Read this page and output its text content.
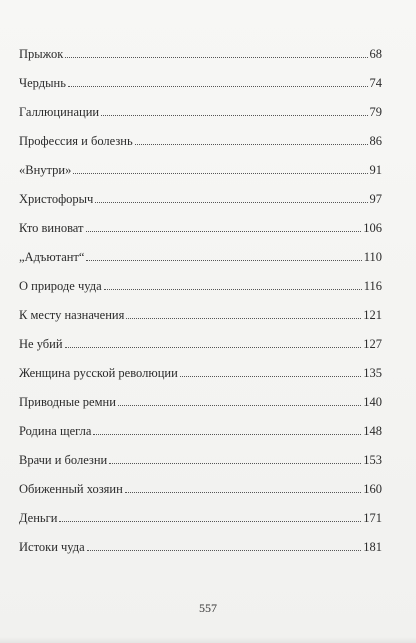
Прыжок	68
Чердынь	74
Галлюцинации	79
Профессия и болезнь	86
«Внутри»	91
Христофорыч	97
Кто виноват	106
„Адъютант“	110
О природе чуда	116
К месту назначения	121
Не убий	127
Женщина русской революции	135
Приводные ремни	140
Родина щегла	148
Врачи и болезни	153
Обиженный хозяин	160
Деньги	171
Истоки чуда	181
557
